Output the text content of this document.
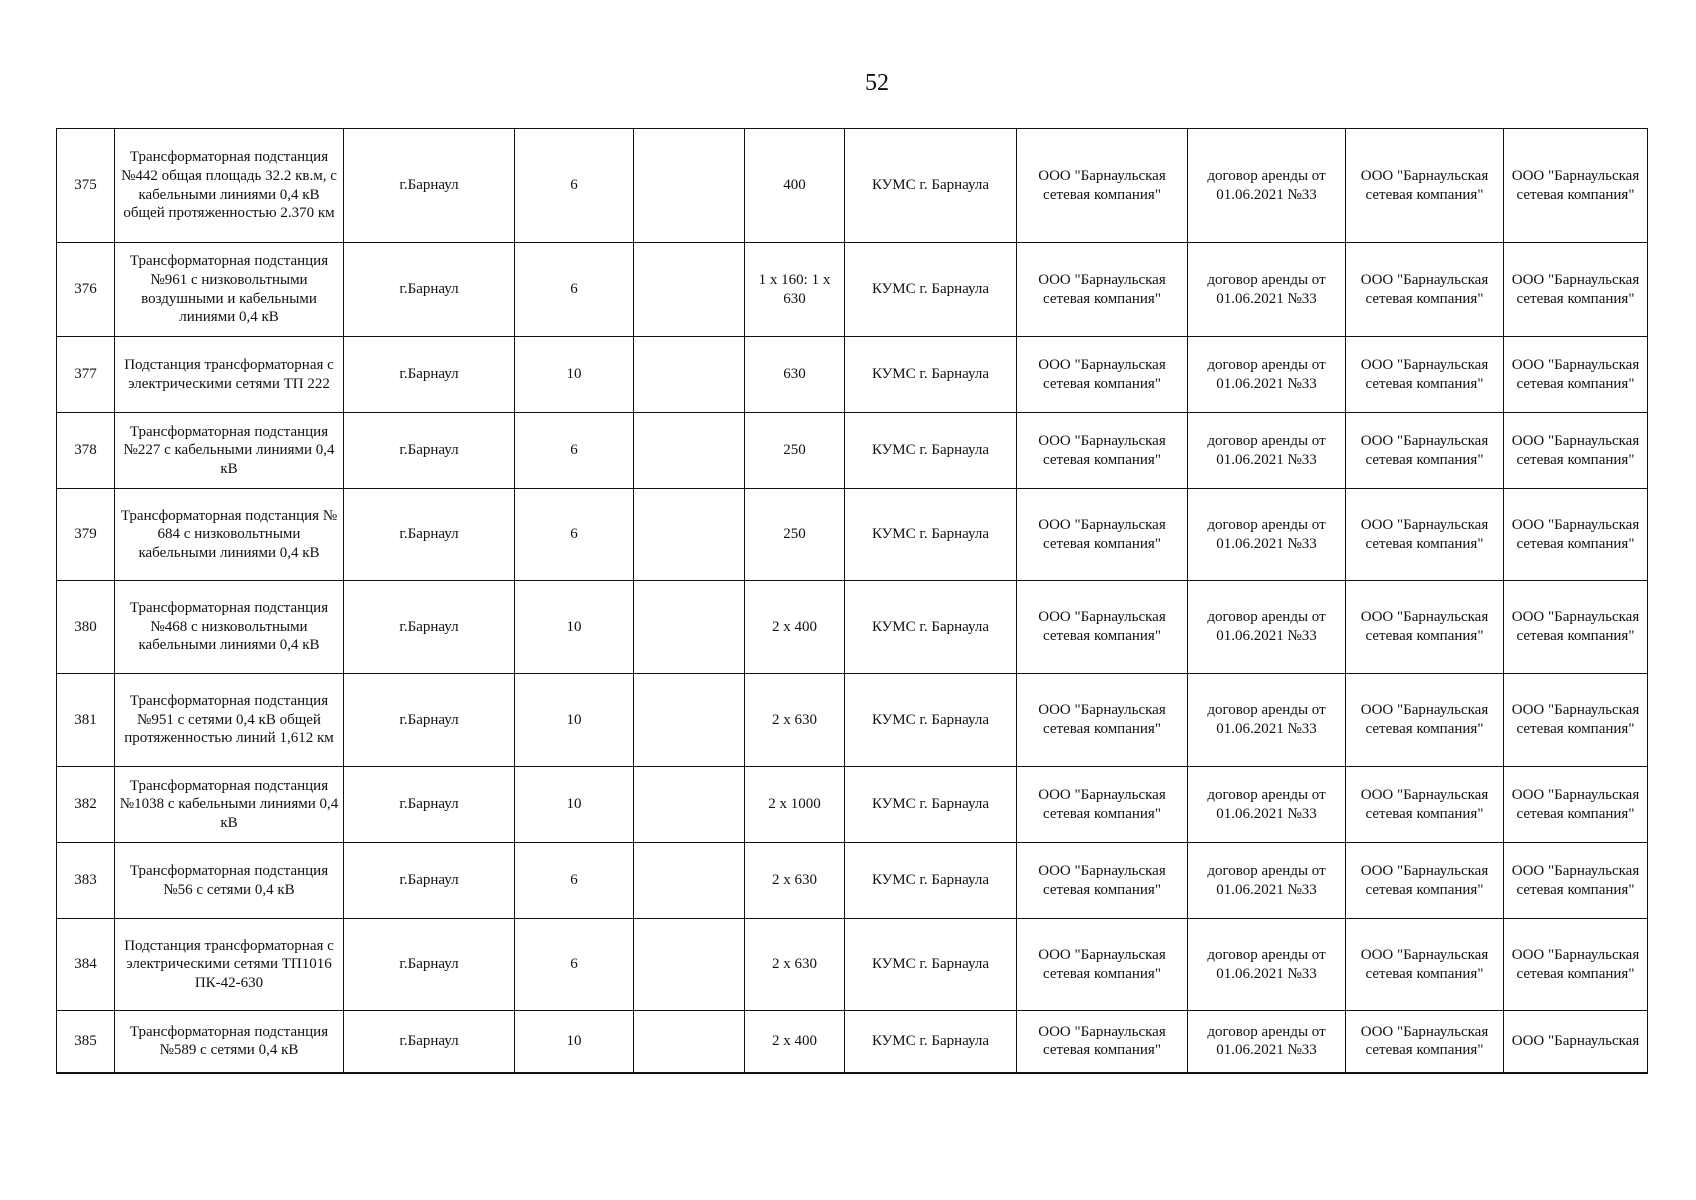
52
375	Трансформаторная подстанция №442 общая площадь 32.2 кв.м, с кабельными линиями 0,4 кВ общей протяженностью 2.370 км	г.Барнаул	6		400	КУМС г. Барнаула	ООО "Барнаульская сетевая компания"	договор аренды от 01.06.2021 №33	ООО "Барнаульская сетевая компания"	ООО "Барнаульская сетевая компания"
376	Трансформаторная подстанция №961 с низковольтными воздушными и кабельными линиями 0,4 кВ	г.Барнаул	6		1 x 160: 1 x 630	КУМС г. Барнаула	ООО "Барнаульская сетевая компания"	договор аренды от 01.06.2021 №33	ООО "Барнаульская сетевая компания"	ООО "Барнаульская сетевая компания"
377	Подстанция трансформаторная с электрическими сетями ТП 222	г.Барнаул	10		630	КУМС г. Барнаула	ООО "Барнаульская сетевая компания"	договор аренды от 01.06.2021 №33	ООО "Барнаульская сетевая компания"	ООО "Барнаульская сетевая компания"
378	Трансформаторная подстанция №227 с кабельными линиями 0,4 кВ	г.Барнаул	6		250	КУМС г. Барнаула	ООО "Барнаульская сетевая компания"	договор аренды от 01.06.2021 №33	ООО "Барнаульская сетевая компания"	ООО "Барнаульская сетевая компания"
379	Трансформаторная подстанция № 684 с низковольтными кабельными линиями 0,4 кВ	г.Барнаул	6		250	КУМС г. Барнаула	ООО "Барнаульская сетевая компания"	договор аренды от 01.06.2021 №33	ООО "Барнаульская сетевая компания"	ООО "Барнаульская сетевая компания"
380	Трансформаторная подстанция №468 с низковольтными кабельными линиями 0,4 кВ	г.Барнаул	10		2 x 400	КУМС г. Барнаула	ООО "Барнаульская сетевая компания"	договор аренды от 01.06.2021 №33	ООО "Барнаульская сетевая компания"	ООО "Барнаульская сетевая компания"
381	Трансформаторная подстанция №951 с сетями 0,4 кВ общей протяженностью линий 1,612 км	г.Барнаул	10		2 x 630	КУМС г. Барнаула	ООО "Барнаульская сетевая компания"	договор аренды от 01.06.2021 №33	ООО "Барнаульская сетевая компания"	ООО "Барнаульская сетевая компания"
382	Трансформаторная подстанция №1038 с кабельными линиями 0,4 кВ	г.Барнаул	10		2 x 1000	КУМС г. Барнаула	ООО "Барнаульская сетевая компания"	договор аренды от 01.06.2021 №33	ООО "Барнаульская сетевая компания"	ООО "Барнаульская сетевая компания"
383	Трансформаторная подстанция №56 с сетями 0,4 кВ	г.Барнаул	6		2 x 630	КУМС г. Барнаула	ООО "Барнаульская сетевая компания"	договор аренды от 01.06.2021 №33	ООО "Барнаульская сетевая компания"	ООО "Барнаульская сетевая компания"
384	Подстанция трансформаторная с электрическими сетями ТП1016 ПК-42-630	г.Барнаул	6		2 x 630	КУМС г. Барнаула	ООО "Барнаульская сетевая компания"	договор аренды от 01.06.2021 №33	ООО "Барнаульская сетевая компания"	ООО "Барнаульская сетевая компания"
385	Трансформаторная подстанция №589 с сетями 0,4 кВ	г.Барнаул	10		2 x 400	КУМС г. Барнаула	ООО "Барнаульская сетевая компания"	договор аренды от 01.06.2021 №33	ООО "Барнаульская сетевая компания"	ООО "Барнаульская
